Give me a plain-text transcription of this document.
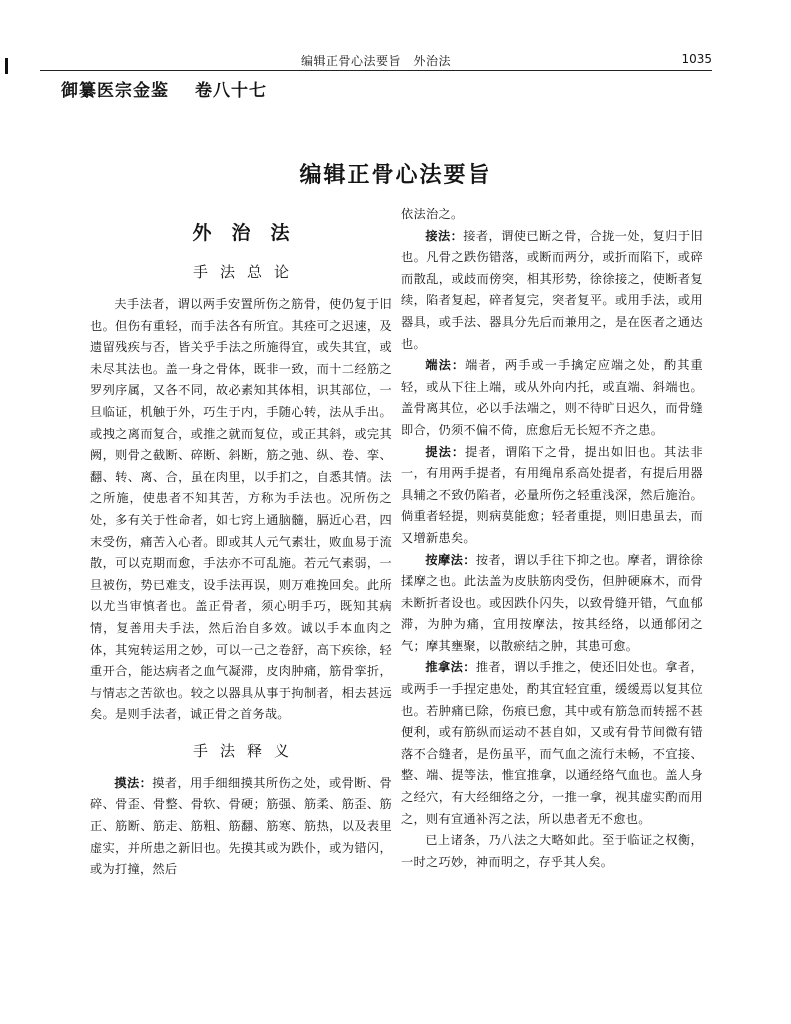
编辑正骨心法要旨　外治法	1035
御纂医宗金鉴 卷八十七
编辑正骨心法要旨
外治法
手法总论

夫手法者，谓以两手安置所伤之筋骨，使仍复于旧也。但伤有重轻，而手法各有所宜。其痊可之迟速，及遗留残疾与否，皆关乎手法之所施得宜，或失其宜，或未尽其法也。盖一身之骨体，既非一致，而十二经筋之罗列序属，又各不同，故必素知其体相，识其部位，一旦临证，机触于外，巧生于内，手随心转，法从手出。或拽之离而复合，或推之就而复位，或正其斜，或完其阙，则骨之截断、碎断、斜断，筋之弛、纵、卷、挛、翻、转、离、合，虽在肉里，以手扪之，自悉其情。法之所施，使患者不知其苦，方称为手法也。况所伤之处，多有关于性命者，如七窍上通脑髓，膈近心君，四末受伤，痛苦入心者。即或其人元气素壮，败血易于流散，可以克期而愈，手法亦不可乱施。若元气素弱，一旦被伤，势已难支，设手法再误，则万难挽回矣。此所以尤当审慎者也。盖正骨者，须心明手巧，既知其病情，复善用夫手法，然后治自多效。诚以手本血肉之体，其宛转运用之妙，可以一己之卷舒，高下疾徐，轻重开合，能达病者之血气凝滞，皮肉肿痛，筋骨挛折，与情志之苦欲也。较之以器具从事于拘制者，相去甚远矣。是则手法者，诚正骨之首务哉。

手法释义

摸法：摸者，用手细细摸其所伤之处，或骨断、骨碎、骨歪、骨整、骨软、骨硬；筋强、筋柔、筋歪、筋正、筋断、筋走、筋粗、筋翻、筋寒、筋热，以及表里虚实，并所患之新旧也。先摸其或为跌仆，或为错闪，或为打撞，然后

依法治之。

接法：接者，谓使已断之骨，合拢一处，复归于旧也。凡骨之跌伤错落，或断而两分，或折而陷下，或碎而散乱，或歧而傍突，相其形势，徐徐接之，使断者复续，陷者复起，碎者复完，突者复平。或用手法，或用器具，或手法、器具分先后而兼用之，是在医者之通达也。

端法：端者，两手或一手擒定应端之处，酌其重轻，或从下往上端，或从外向内托，或直端、斜端也。盖骨离其位，必以手法端之，则不待旷日迟久，而骨缝即合，仍须不偏不倚，庶愈后无长短不齐之患。

提法：提者，谓陷下之骨，提出如旧也。其法非一，有用两手提者，有用绳帛系高处提者，有提后用器具辅之不致仍陷者，必量所伤之轻重浅深，然后施治。倘重者轻提，则病莫能愈；轻者重提，则旧患虽去，而又增新患矣。

按摩法：按者，谓以手往下抑之也。摩者，谓徐徐揉摩之也。此法盖为皮肤筋肉受伤，但肿硬麻木，而骨未断折者设也。或因跌仆闪失，以致骨缝开错，气血郁滞，为肿为痛，宜用按摩法，按其经络，以通郁闭之气；摩其壅聚，以散瘀结之肿，其患可愈。

推拿法：推者，谓以手推之，使还旧处也。拿者，或两手一手捏定患处，酌其宜轻宜重，缓缓焉以复其位也。若肿痛已除，伤痕已愈，其中或有筋急而转摇不甚便利，或有筋纵而运动不甚自如，又或有骨节间微有错落不合缝者，是伤虽平，而气血之流行未畅，不宜接、整、端、提等法，惟宜推拿，以通经络气血也。盖人身之经穴，有大经细络之分，一推一拿，视其虚实酌而用之，则有宣通补泻之法，所以患者无不愈也。

已上诸条，乃八法之大略如此。至于临证之权衡，一时之巧妙，神而明之，存乎其人矣。
